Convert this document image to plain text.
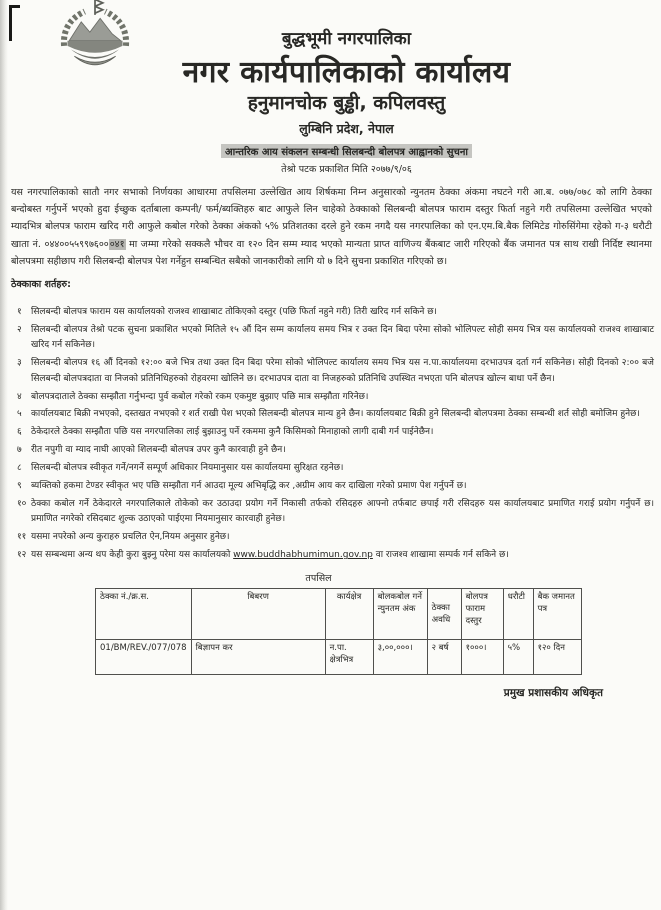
बुद्धभूमी नगरपालिका
नगर कार्यपालिकाको कार्यालय
हनुमानचोक बुड्ढी, कपिलवस्तु
लुम्बिनि प्रदेश, नेपाल
आन्तरिक आय संकलन सम्बन्धी सिलबन्दी बोलपत्र आह्वानको सुचना
तेश्रो पटक प्रकाशित मिति २०७७/९/०६

यस नगरपालिकाको सातौ नगर सभाको निर्णयका आधारमा तपसिलमा उल्लेखित आय शिर्षकमा निम्न अनुसारको न्युनतम ठेक्का अंकमा नघटने गरी आ.ब. ०७७/०७८ को लागि ठेक्का बन्दोबस्त गर्नुपर्ने भएको हुदा ईच्छुक दर्ताबाला कम्पनी/ फर्म/ब्यक्तिहरु बाट आफुले लिन चाहेको ठेक्काको सिलबन्दी बोलपत्र फाराम दस्तुर फिर्ता नहुने गरी तपसिलमा उल्लेखित भएको म्यादभित्र बोलपत्र फाराम खरिद गरी आफुले कबोल गरेको ठेक्का अंकको ५% प्रतिशतका दरले हुने रकम नगदै यस नगरपालिका को एन.एम.बि.बैक लिमिटेड गोरुसिंगेमा रहेको ग-३ धरौटी खाता नं. ०४४००५५९९७६०००४१ मा जम्मा गरेको सक्कलै भौचर वा १२० दिन सम्म म्याद भएको मान्यता प्राप्त वाणिज्य बैंकबाट जारी गरिएको बैंक जमानत पत्र साथ राखी निर्दिष्ट स्थानमा बोलपत्रमा सहीछाप गरी सिलबन्दी बोलपत्र पेश गर्नेहुन सम्बन्धित सबैको जानकारीको लागि यो ७ दिने सुचना प्रकाशित गरिएको छ।

ठेक्काका शर्तहरु:
१	सिलबन्दी बोलपत्र फाराम यस कार्यालयको राजश्व शाखाबाट तोकिएको दस्तुर (पछि फिर्ता नहुने गरी) तिरी खरिद गर्न सकिने छ।
२	सिलबन्दी बोलपत्र तेश्रो पटक सुचना प्रकाशित भएको मितिले १५ औं दिन सम्म कार्यालय समय भित्र र उक्त दिन बिदा परेमा सोको भोलिपल्ट सोही समय भित्र यस कार्यालयको राजश्व शाखाबाट खरिद गर्न सकिनेछ।
३	सिलबन्दी बोलपत्र १६ औं दिनको १२:०० बजे भित्र तथा उक्त दिन बिदा परेमा सोको भोलिपल्ट कार्यालय समय भित्र यस न.पा.कार्यालयमा दरभाउपत्र दर्ता गर्न सकिनेछ। सोही दिनको २:०० बजे सिलबन्दी बोलपत्रदाता वा निजको प्रतिनिधिहरुको रोहवरमा खोलिने छ। दरभाउपत्र दाता वा निजहरुको प्रतिनिधि उपस्थित नभएता पनि बोलपत्र खोल्न बाधा पर्ने छैन।
४	बोलपत्रदाताले ठेक्का सम्झौता गर्नुभन्दा पुर्व कबोल गरेको रकम एकमुष्ट बुझाए पछि मात्र सम्झौता गरिनेछ।
५	कार्यालयबाट बिक्री नभएको, दस्तखत नभएको र शर्त राखी पेश भएको सिलबन्दी बोलपत्र मान्य हुने छैन। कार्यालयबाट बिक्री हुने सिलबन्दी बोलपत्रमा ठेक्का सम्बन्धी शर्त सोही बमोजिम हुनेछ।
६	ठेकेदारले ठेक्का सम्झौता पछि यस नगरपालिका लाई बुझाउनु पर्ने रकममा कुनै किसिमको मिनाहाको लागी दाबी गर्न पाईनेछैन।
७	रीत नपुगी वा म्याद नाघी आएको शिलबन्दी बोलपत्र उपर कुनै कारवाही हुने छैन।
८	सिलबन्दी बोलपत्र स्वीकृत गर्ने/नगर्ने सम्पूर्ण अधिकार नियमानुसार यस कार्यालयमा सुरिक्षत रहनेछ।
९	ब्यक्तिको हकमा टेण्डर स्वीकृत भए पछि सम्झौता गर्न आउदा मूल्य अभिबृद्धि कर ,अग्रीम आय कर दाखिला गरेको प्रमाण पेश गर्नुपर्ने छ।
१० ठेक्का कबोल गर्ने ठेकेदारले नगरपालिकाले तोकेको कर उठाउदा प्रयोग गर्ने निकासी तर्फको रसिदहरु आफ्नो तर्फबाट छपाई गरी रसिदहरु यस कार्यालयबाट प्रमाणित गराई प्रयोग गर्नुपर्ने छ। प्रमाणित नगरेको रसिदबाट शुल्क उठाएको पाईएमा नियमानुसार कारवाही हुनेछ।
११ यसमा नपरेको अन्य कुराहरु प्रचलित ऐन,नियम अनुसार हुनेछ।
१२ यस सम्बन्धमा अन्य थप केही कुरा बुझ्नु परेमा यस कार्यालयको www.buddhabhumimun.gov.np वा राजश्व शाखामा सम्पर्क गर्न सकिने छ।
तपसिल
ठेक्का नं./क्र.स.	बिबरण	कार्यक्षेत्र	बोलकबोल गर्ने न्युनतम अंक	ठेक्का अवधि	बोलपत्र फाराम दस्तुर	धरौटी	बैक जमानत पत्र
01/BM/REV./077/078	बिज्ञापन कर	न.पा. क्षेत्रभित्र	३,००,०००।	२ बर्ष	१०००।	५%	१२० दिन
प्रमुख प्रशासकीय अधिकृत
